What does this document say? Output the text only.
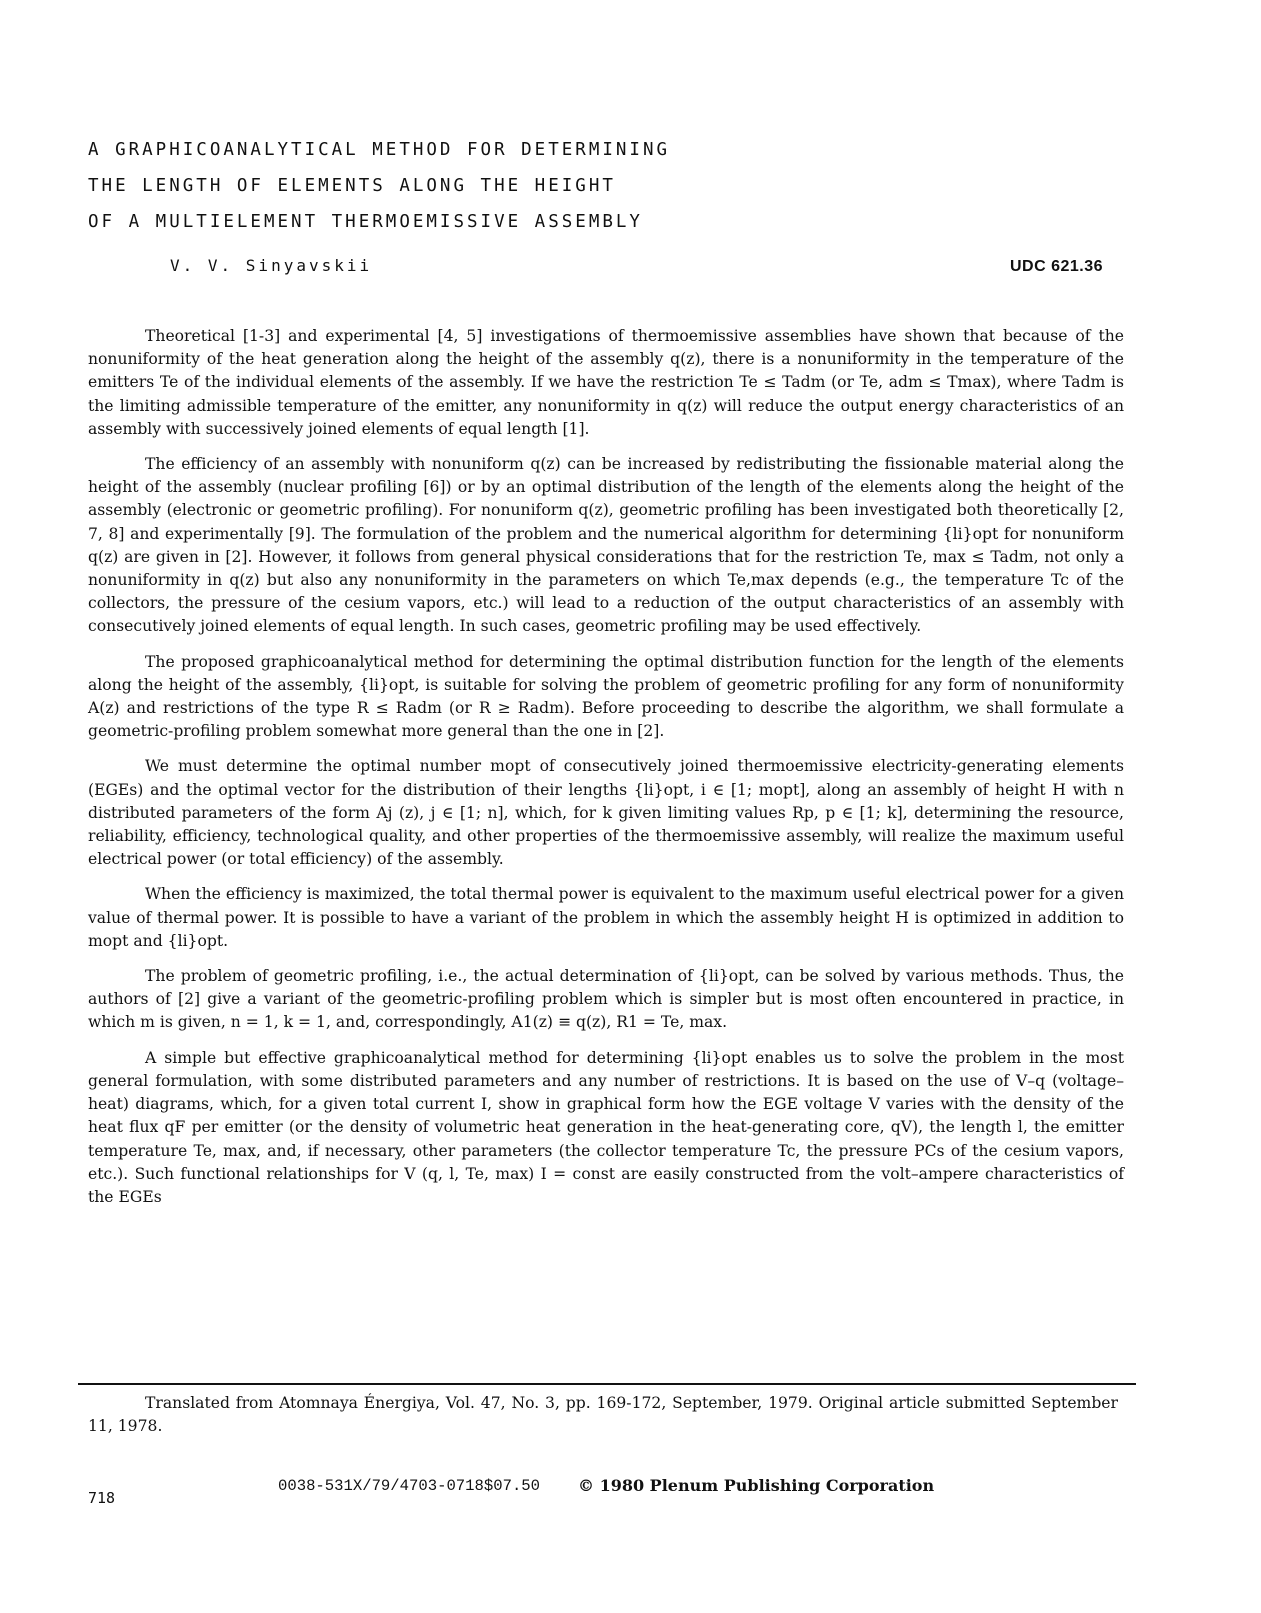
A GRAPHICOANALYTICAL METHOD FOR DETERMINING

THE LENGTH OF ELEMENTS ALONG THE HEIGHT

OF A MULTIELEMENT THERMOEMISSIVE ASSEMBLY

V. V. Sinyavskii	UDC 621.36

Theoretical [1-3] and experimental [4, 5] investigations of thermoemissive assemblies have shown that because of the nonuniformity of the heat generation along the height of the assembly q(z), there is a nonuniformity in the temperature of the emitters Te of the individual elements of the assembly. If we have the restriction Te ≤ Tadm (or Te, adm ≤ Tmax), where Tadm is the limiting admissible temperature of the emitter, any nonuniformity in q(z) will reduce the output energy characteristics of an assembly with successively joined elements of equal length [1].

The efficiency of an assembly with nonuniform q(z) can be increased by redistributing the fissionable material along the height of the assembly (nuclear profiling [6]) or by an optimal distribution of the length of the elements along the height of the assembly (electronic or geometric profiling). For nonuniform q(z), geometric profiling has been investigated both theoretically [2, 7, 8] and experimentally [9]. The formulation of the problem and the numerical algorithm for determining {li}opt for nonuniform q(z) are given in [2]. However, it follows from general physical considerations that for the restriction Te, max ≤ Tadm, not only a nonuniformity in q(z) but also any nonuniformity in the parameters on which Te,max depends (e.g., the temperature Tc of the collectors, the pressure of the cesium vapors, etc.) will lead to a reduction of the output characteristics of an assembly with consecutively joined elements of equal length. In such cases, geometric profiling may be used effectively.

The proposed graphicoanalytical method for determining the optimal distribution function for the length of the elements along the height of the assembly, {li}opt, is suitable for solving the problem of geometric profiling for any form of nonuniformity A(z) and restrictions of the type R ≤ Radm (or R ≥ Radm). Before proceeding to describe the algorithm, we shall formulate a geometric-profiling problem somewhat more general than the one in [2].

We must determine the optimal number mopt of consecutively joined thermoemissive electricity-generating elements (EGEs) and the optimal vector for the distribution of their lengths {li}opt, i ∈ [1; mopt], along an assembly of height H with n distributed parameters of the form Aj (z), j ∈ [1; n], which, for k given limiting values Rp, p ∈ [1; k], determining the resource, reliability, efficiency, technological quality, and other properties of the thermoemissive assembly, will realize the maximum useful electrical power (or total efficiency) of the assembly.

When the efficiency is maximized, the total thermal power is equivalent to the maximum useful electrical power for a given value of thermal power. It is possible to have a variant of the problem in which the assembly height H is optimized in addition to mopt and {li}opt.

The problem of geometric profiling, i.e., the actual determination of {li}opt, can be solved by various methods. Thus, the authors of [2] give a variant of the geometric-profiling problem which is simpler but is most often encountered in practice, in which m is given, n = 1, k = 1, and, correspondingly, A1(z) ≡ q(z), R1 = Te, max.

A simple but effective graphicoanalytical method for determining {li}opt enables us to solve the problem in the most general formulation, with some distributed parameters and any number of restrictions. It is based on the use of V–q (voltage–heat) diagrams, which, for a given total current I, show in graphical form how the EGE voltage V varies with the density of the heat flux qF per emitter (or the density of volumetric heat generation in the heat-generating core, qV), the length l, the emitter temperature Te, max, and, if necessary, other parameters (the collector temperature Tc, the pressure PCs of the cesium vapors, etc.). Such functional relationships for V (q, l, Te, max) I = const are easily constructed from the volt–ampere characteristics of the EGEs

Translated from Atomnaya Énergiya, Vol. 47, No. 3, pp. 169-172, September, 1979. Original article submitted September 11, 1978.

718
0038-531X/79/4703-0718$07.50 © 1980 Plenum Publishing Corporation
